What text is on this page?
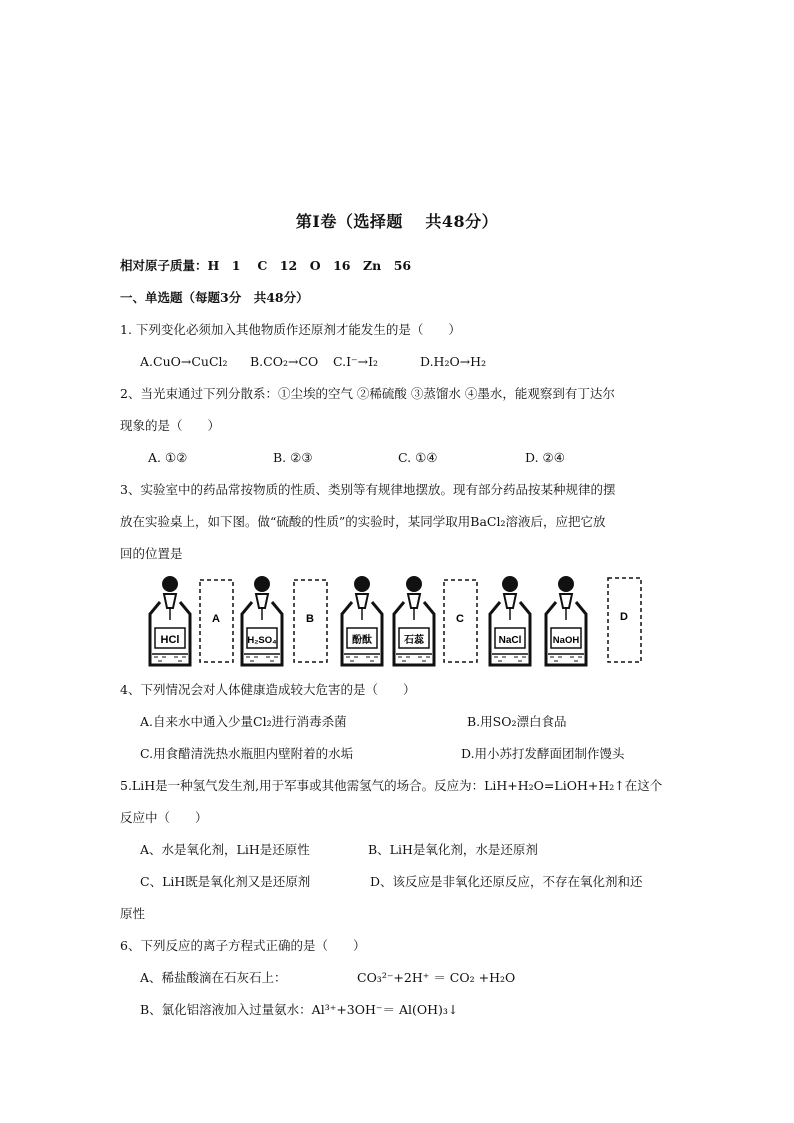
第Ⅰ卷（选择题　 共48分）
相对原子质量：H　1　 C　12　O　16　Zn　56
一、单选题（每题3分　共48分）
1. 下列变化必须加入其他物质作还原剂才能发生的是（　　）
A.CuO→CuCl₂ B.CO₂→CO C.I⁻→I₂	D.H₂O→H₂
2、当光束通过下列分散系：①尘埃的空气 ②稀硫酸 ③蒸馏水 ④墨水，能观察到有丁达尔
现象的是（　　）
A. ①②	B. ②③	C. ①④	D. ②④
3、实验室中的药品常按物质的性质、类别等有规律地摆放。现有部分药品按某种规律的摆
放在实验桌上，如下图。做“硫酸的性质”的实验时，某同学取用BaCl₂溶液后，应把它放
回的位置是
HCl
A
H₂SO₄
B
酚酞	石蕊
C
NaCl	NaOH
D
4、下列情况会对人体健康造成较大危害的是（　　）
A.自来水中通入少量Cl₂进行消毒杀菌	B.用SO₂漂白食品
C.用食醋清洗热水瓶胆内壁附着的水垢	D.用小苏打发酵面团制作馒头
5.LiH是一种氢气发生剂,用于军事或其他需氢气的场合。反应为：LiH+H₂O=LiOH+H₂↑在这个
反应中（　　）
A、水是氧化剂，LiH是还原性	B、LiH是氧化剂，水是还原剂
C、LiH既是氧化剂又是还原剂	D、该反应是非氧化还原反应，不存在氧化剂和还
原性
6、下列反应的离子方程式正确的是（　　）
A、稀盐酸滴在石灰石上：	CO₃²⁻+2H⁺ ＝ CO₂ +H₂O
B、氯化铝溶液加入过量氨水：Al³⁺+3OH⁻＝ Al(OH)₃↓
